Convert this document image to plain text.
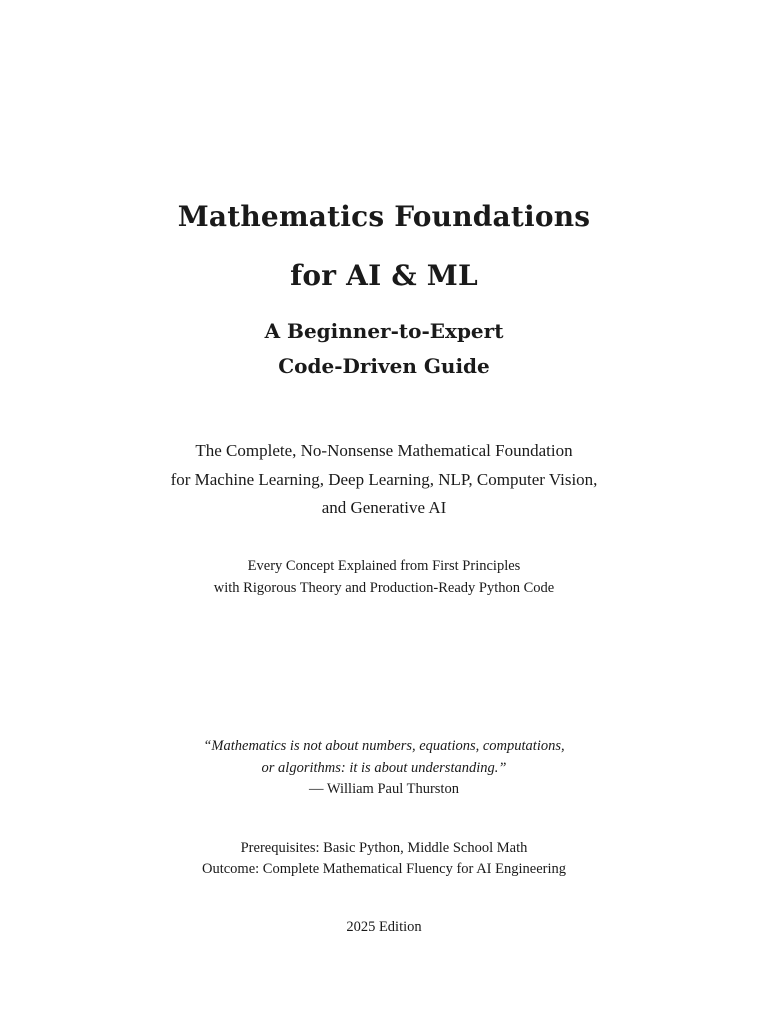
Mathematics Foundations
for AI & ML
A Beginner-to-Expert
Code-Driven Guide
The Complete, No-Nonsense Mathematical Foundation
for Machine Learning, Deep Learning, NLP, Computer Vision,
and Generative AI
Every Concept Explained from First Principles
with Rigorous Theory and Production-Ready Python Code
“Mathematics is not about numbers, equations, computations,
or algorithms: it is about understanding.”
— William Paul Thurston
Prerequisites: Basic Python, Middle School Math
Outcome: Complete Mathematical Fluency for AI Engineering
2025 Edition
